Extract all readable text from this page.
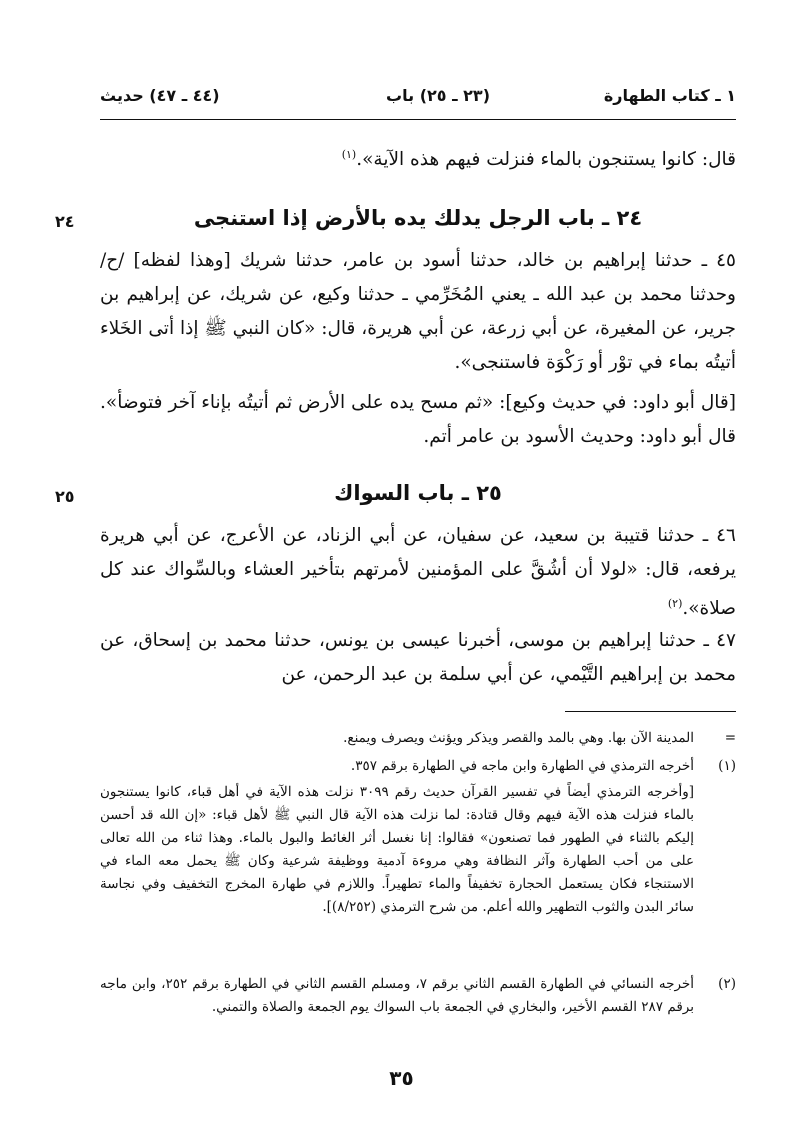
١ ـ كتاب الطهارة
(٢٣ ـ ٢٥) باب
(٤٤ ـ ٤٧) حديث
قال: كانوا يستنجون بالماء فنزلت فيهم هذه الآية».$^{(١)}$
٢٤ ـ باب الرجل يدلك يده بالأرض إذا استنجى
٢٤
٤٥ ـ حدثنا إبراهيم بن خالد، حدثنا أسود بن عامر، حدثنا شريك [وهذا لفظه] /ح/ وحدثنا محمد بن عبد الله ـ يعني المُخَرِّمي ـ حدثنا وكيع، عن شريك، عن إبراهيم بن جرير، عن المغيرة، عن أبي زرعة، عن أبي هريرة، قال: «كان النبي ﷺ إذا أتى الخَلاء أتيتُه بماء في توْر أو رَكْوَة فاستنجى».
[قال أبو داود: في حديث وكيع]: «ثم مسح يده على الأرض ثم أتيتُه بإناء آخر فتوضأ». قال أبو داود: وحديث الأسود بن عامر أتم.
٢٥ ـ باب السواك
٢٥
٤٦ ـ حدثنا قتيبة بن سعيد، عن سفيان، عن أبي الزناد، عن الأعرج، عن أبي هريرة يرفعه، قال: «لولا أن أشُقَّ على المؤمنين لأمرتهم بتأخير العشاء وبالسِّواك عند كل صلاة».$^{(٢)}$
٤٧ ـ حدثنا إبراهيم بن موسى، أخبرنا عيسى بن يونس، حدثنا محمد بن إسحاق، عن محمد بن إبراهيم التَّيْمي، عن أبي سلمة بن عبد الرحمن، عن
=
المدينة الآن بها. وهي بالمد والقصر ويذكر ويؤنث ويصرف ويمنع.
(١)
أخرجه الترمذي في الطهارة وابن ماجه في الطهارة برقم ٣٥٧.
[وأخرجه الترمذي أيضاً في تفسير القرآن حديث رقم ٣٠٩٩ نزلت هذه الآية في أهل قباء، كانوا يستنجون بالماء فنزلت هذه الآية فيهم وقال قتادة: لما نزلت هذه الآية قال النبي ﷺ لأهل قباء: «إن الله قد أحسن إليكم بالثناء في الطهور فما تصنعون» فقالوا: إنا نغسل أثر الغائط والبول بالماء. وهذا ثناء من الله تعالى على من أحب الطهارة وآثر النظافة وهي مروءة آدمية ووظيفة شرعية وكان ﷺ يحمل معه الماء في الاستنجاء فكان يستعمل الحجارة تخفيفاً والماء تطهيراً. واللازم في طهارة المخرج التخفيف وفي نجاسة سائر البدن والثوب التطهير والله أعلم. من شرح الترمذي (٨/٢٥٢)].
(٢)
أخرجه النسائي في الطهارة القسم الثاني برقم ٧، ومسلم القسم الثاني في الطهارة برقم ٢٥٢، وابن ماجه برقم ٢٨٧ القسم الأخير، والبخاري في الجمعة باب السواك يوم الجمعة والصلاة والتمني.
٣٥
